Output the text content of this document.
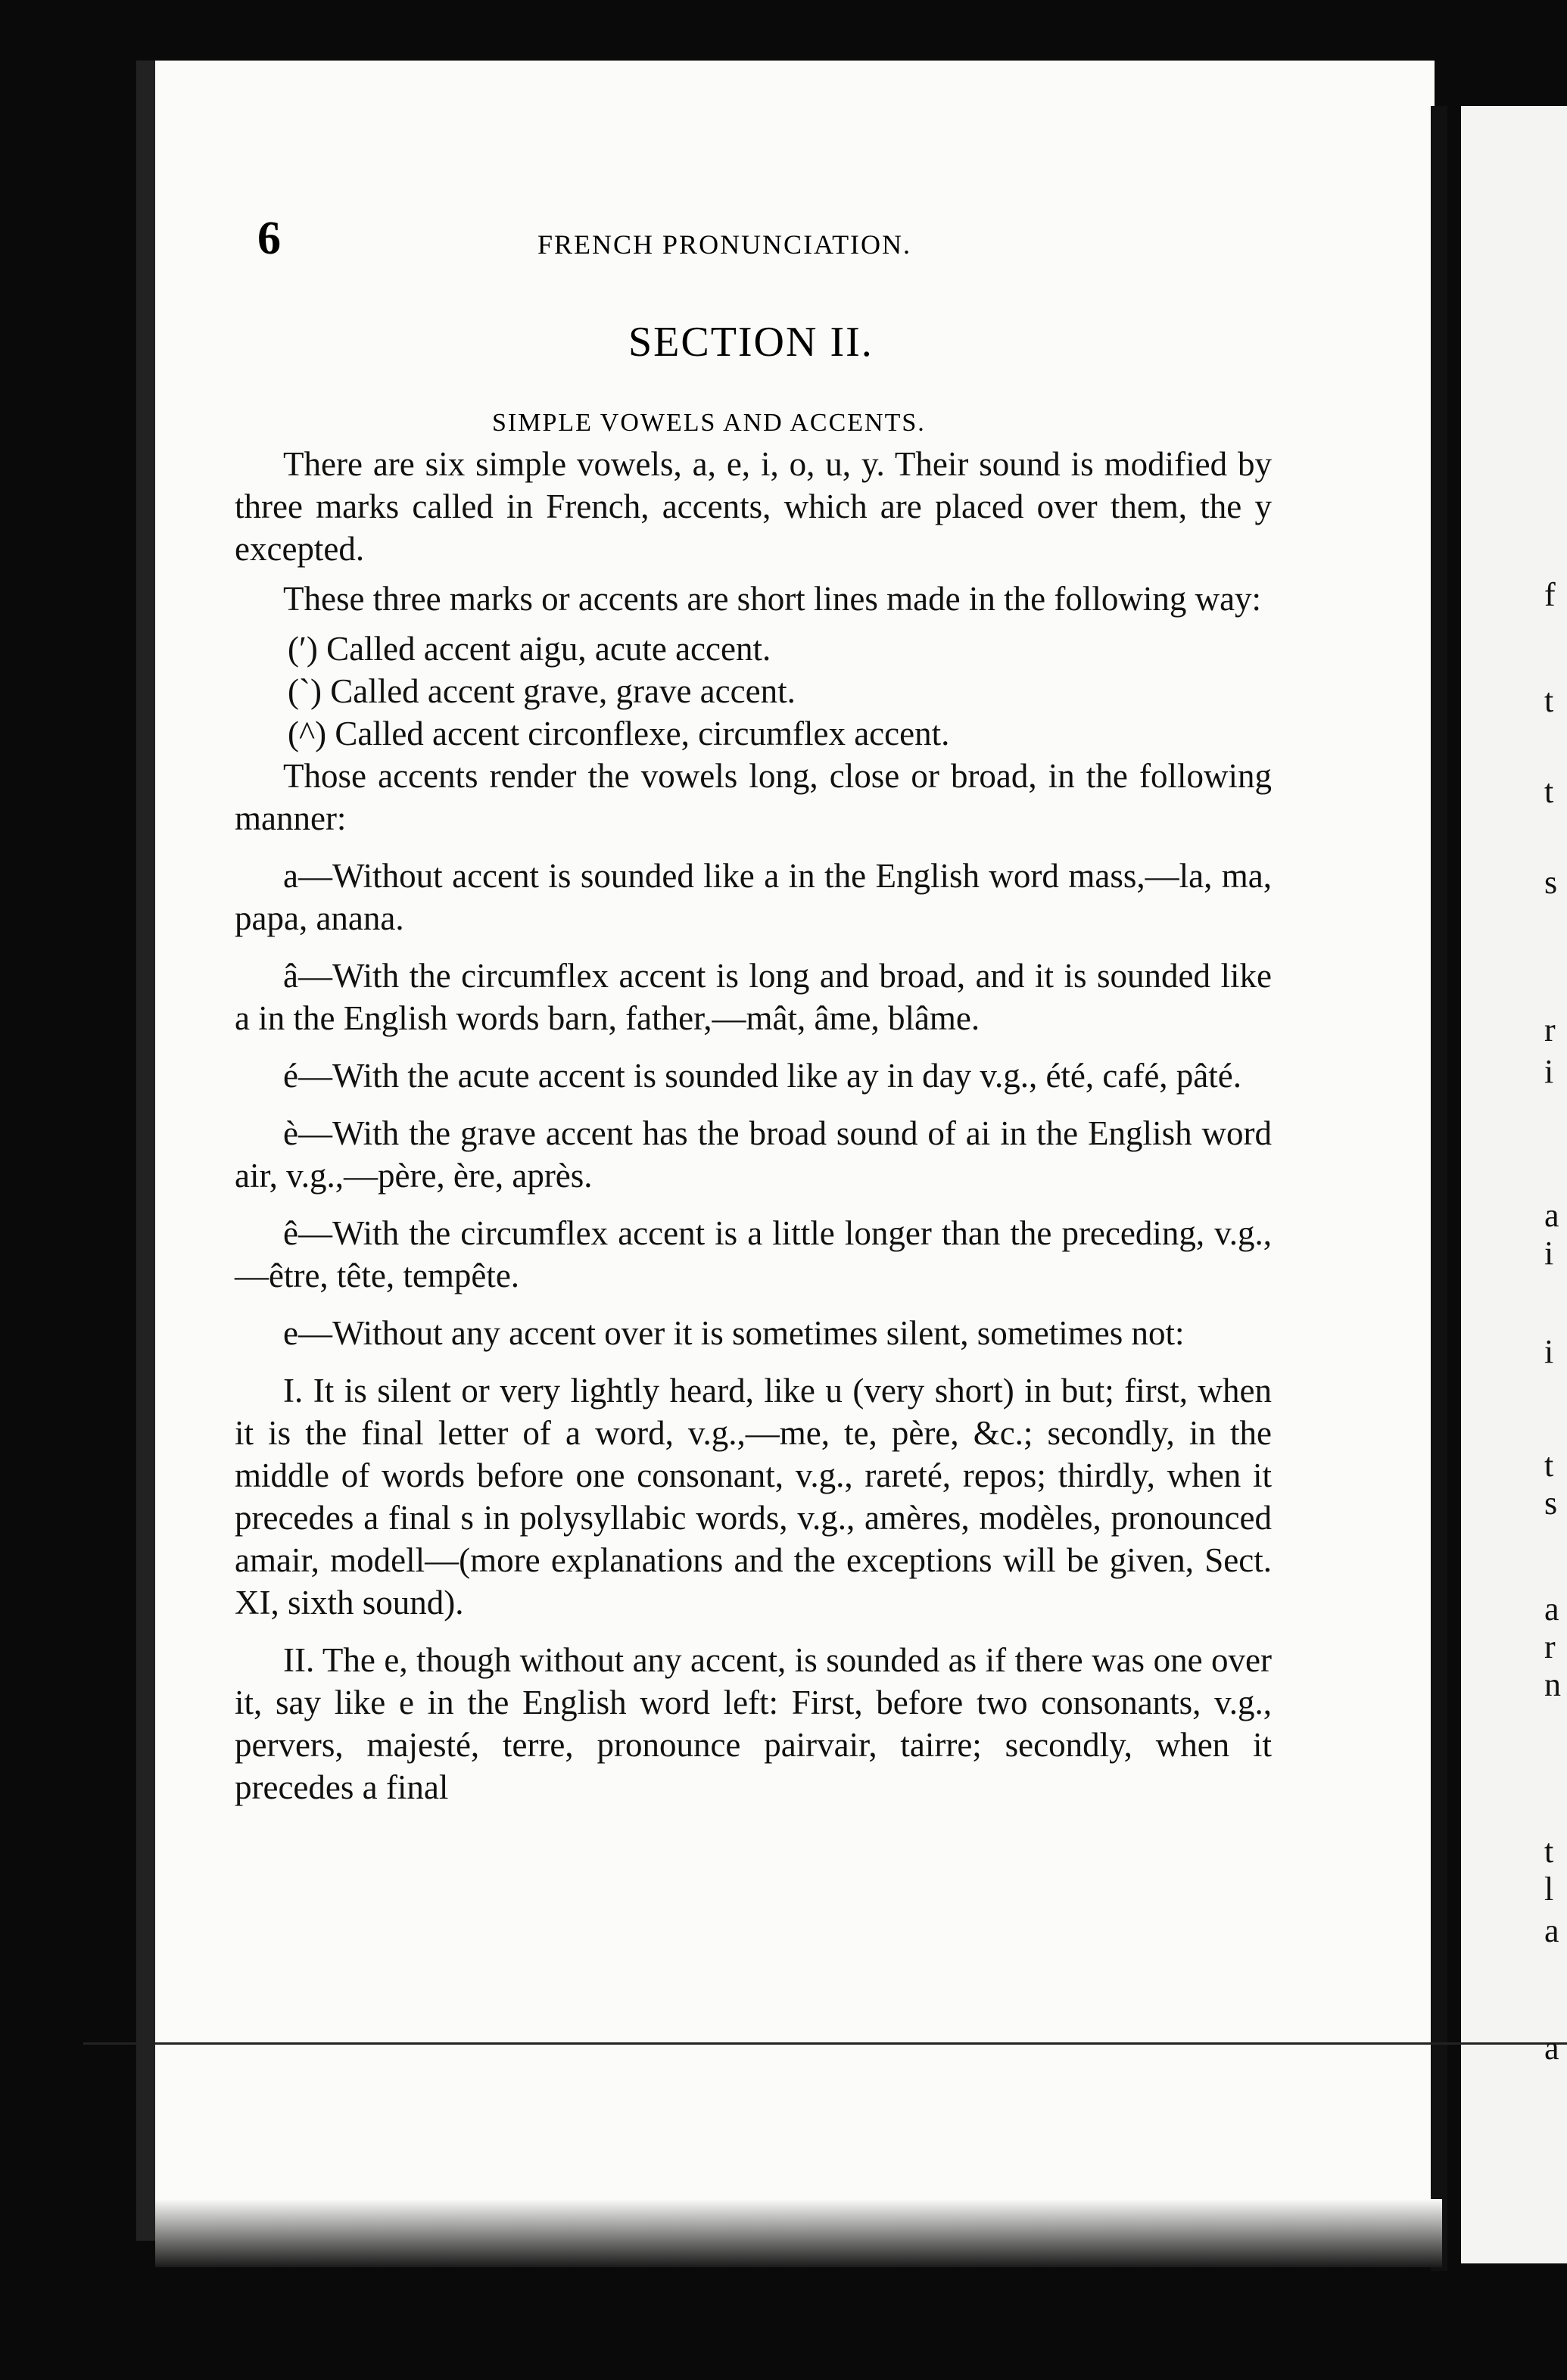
6	FRENCH PRONUNCIATION.
SECTION II.
SIMPLE VOWELS AND ACCENTS.

There are six simple vowels, a, e, i, o, u, y. Their sound is modified by three marks called in French, accents, which are placed over them, the y excepted.

These three marks or accents are short lines made in the following way:

(′) Called accent aigu, acute accent.

(`) Called accent grave, grave accent.

(^) Called accent circonflexe, circumflex accent.

Those accents render the vowels long, close or broad, in the following manner:

a—Without accent is sounded like a in the English word mass,—la, ma, papa, anana.

â—With the circumflex accent is long and broad, and it is sounded like a in the English words barn, father,—mât, âme, blâme.

é—With the acute accent is sounded like ay in day v.g., été, café, pâté.

è—With the grave accent has the broad sound of ai in the English word air, v.g.,—père, ère, après.

ê—With the circumflex accent is a little longer than the preceding, v.g.,—être, tête, tempête.

e—Without any accent over it is sometimes silent, sometimes not:

I. It is silent or very lightly heard, like u (very short) in but; first, when it is the final letter of a word, v.g.,—me, te, père, &c.; secondly, in the middle of words before one consonant, v.g., rareté, repos; thirdly, when it precedes a final s in polysyllabic words, v.g., amères, modèles, pronounced amair, modell—(more explanations and the exceptions will be given, Sect. XI, sixth sound).

II. The e, though without any accent, is sounded as if there was one over it, say like e in the English word left: First, before two consonants, v.g., pervers, majesté, terre, pronounce pairvair, tairre; secondly, when it precedes a final

f
t
t
s
r
i
a
i
i
t
s
a
r
n
t
l
a
a
